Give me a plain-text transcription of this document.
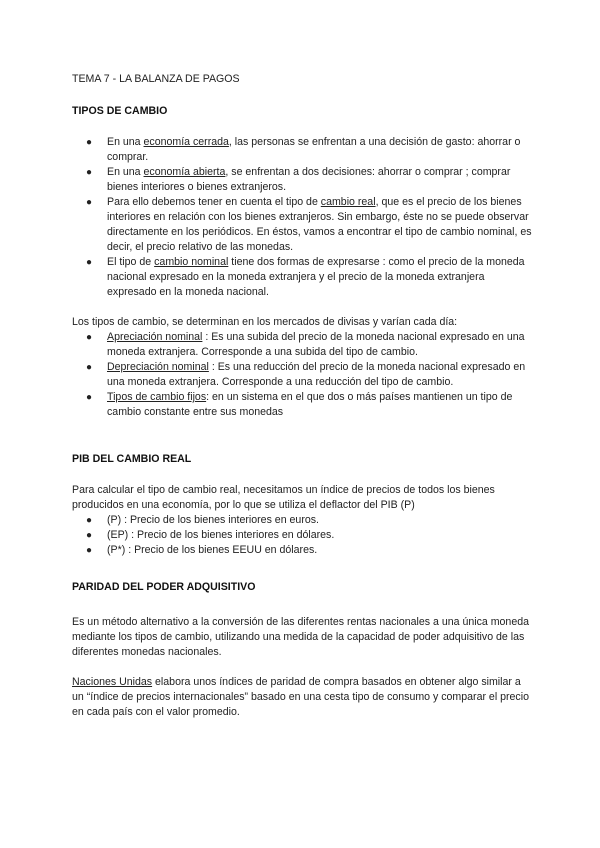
TEMA 7 - LA BALANZA DE PAGOS
TIPOS DE CAMBIO
● En una economía cerrada, las personas se enfrentan a una decisión de gasto: ahorrar o comprar.
● En una economía abierta, se enfrentan a dos decisiones: ahorrar o comprar ; comprar bienes interiores o bienes extranjeros.
● Para ello debemos tener en cuenta el tipo de cambio real, que es el precio de los bienes interiores en relación con los bienes extranjeros. Sin embargo, éste no se puede observar directamente en los periódicos. En éstos, vamos a encontrar el tipo de cambio nominal, es decir, el precio relativo de las monedas.
● El tipo de cambio nominal tiene dos formas de expresarse : como el precio de la moneda nacional expresado en la moneda extranjera y el precio de la moneda extranjera expresado en la moneda nacional.

Los tipos de cambio, se determinan en los mercados de divisas y varían cada día:

● Apreciación nominal : Es una subida del precio de la moneda nacional expresado en una moneda extranjera. Corresponde a una subida del tipo de cambio.
● Depreciación nominal : Es una reducción del precio de la moneda nacional expresado en una moneda extranjera. Corresponde a una reducción del tipo de cambio.
● Tipos de cambio fijos: en un sistema en el que dos o más países mantienen un tipo de cambio constante entre sus monedas
PIB DEL CAMBIO REAL

Para calcular el tipo de cambio real, necesitamos un índice de precios de todos los bienes producidos en una economía, por lo que se utiliza el deflactor del PIB (P)

● (P) : Precio de los bienes interiores en euros.
● (EP) : Precio de los bienes interiores en dólares.
● (P*) : Precio de los bienes EEUU en dólares.
PARIDAD DEL PODER ADQUISITIVO

Es un método alternativo a la conversión de las diferentes rentas nacionales a una única moneda mediante los tipos de cambio, utilizando una medida de la capacidad de poder adquisitivo de las diferentes monedas nacionales.

Naciones Unidas elabora unos índices de paridad de compra basados en obtener algo similar a un “índice de precios internacionales” basado en una cesta tipo de consumo y comparar el precio en cada país con el valor promedio.
